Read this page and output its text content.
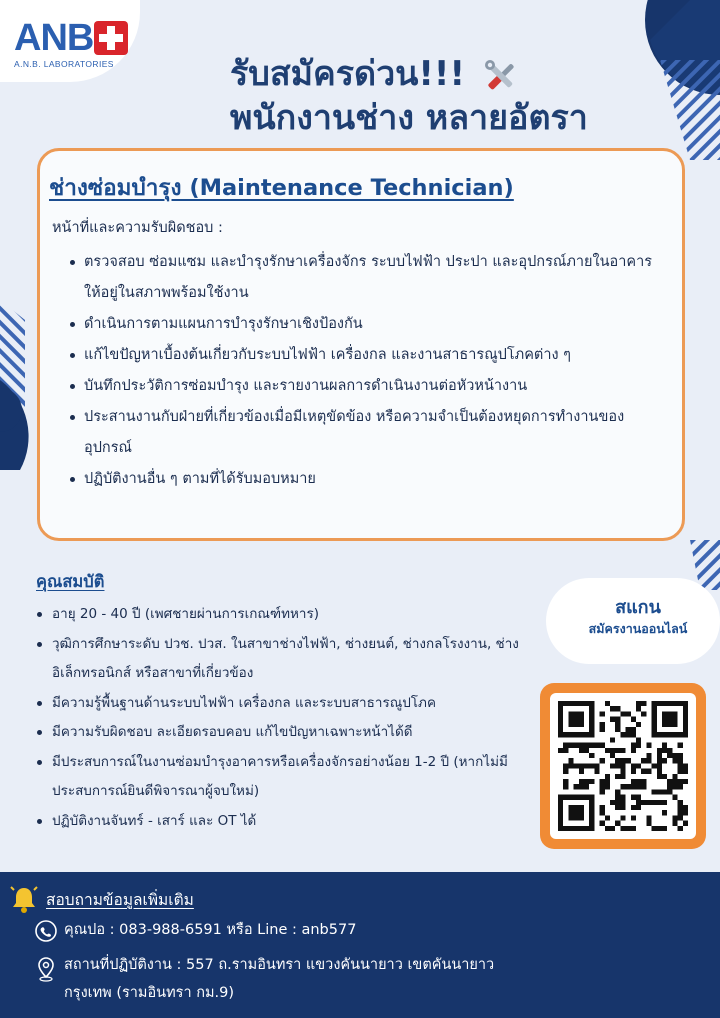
ANB
A.N.B. LABORATORIES	รับสมัครด่วน!!!
พนักงานช่าง หลายอัตรา
ช่างซ่อมบำรุง (Maintenance Technician)
หน้าที่และความรับผิดชอบ :
ตรวจสอบ ซ่อมแซม และบำรุงรักษาเครื่องจักร ระบบไฟฟ้า ประปา และอุปกรณ์ภายในอาคารให้อยู่ในสภาพพร้อมใช้งาน
ดำเนินการตามแผนการบำรุงรักษาเชิงป้องกัน
แก้ไขปัญหาเบื้องต้นเกี่ยวกับระบบไฟฟ้า เครื่องกล และงานสาธารณูปโภคต่าง ๆ
บันทึกประวัติการซ่อมบำรุง และรายงานผลการดำเนินงานต่อหัวหน้างาน
ประสานงานกับฝ่ายที่เกี่ยวข้องเมื่อมีเหตุขัดข้อง หรือความจำเป็นต้องหยุดการทำงานของอุปกรณ์
ปฏิบัติงานอื่น ๆ ตามที่ได้รับมอบหมาย
คุณสมบัติ
อายุ 20 - 40 ปี (เพศชายผ่านการเกณฑ์ทหาร)
วุฒิการศึกษาระดับ ปวช. ปวส. ในสาขาช่างไฟฟ้า, ช่างยนต์, ช่างกลโรงงาน, ช่างอิเล็กทรอนิกส์ หรือสาขาที่เกี่ยวข้อง
มีความรู้พื้นฐานด้านระบบไฟฟ้า เครื่องกล และระบบสาธารณูปโภค
มีความรับผิดชอบ ละเอียดรอบคอบ แก้ไขปัญหาเฉพาะหน้าได้ดี
มีประสบการณ์ในงานซ่อมบำรุงอาคารหรือเครื่องจักรอย่างน้อย 1-2 ปี (หากไม่มีประสบการณ์ยินดีพิจารณาผู้จบใหม่)
ปฏิบัติงานจันทร์ - เสาร์ และ OT ได้
สแกน
สมัครงานออนไลน์
สอบถามข้อมูลเพิ่มเติม
คุณปอ : 083-988-6591 หรือ Line : anb577
สถานที่ปฏิบัติงาน : 557 ถ.รามอินทรา แขวงคันนายาว เขตคันนายาว
กรุงเทพ (รามอินทรา กม.9)
